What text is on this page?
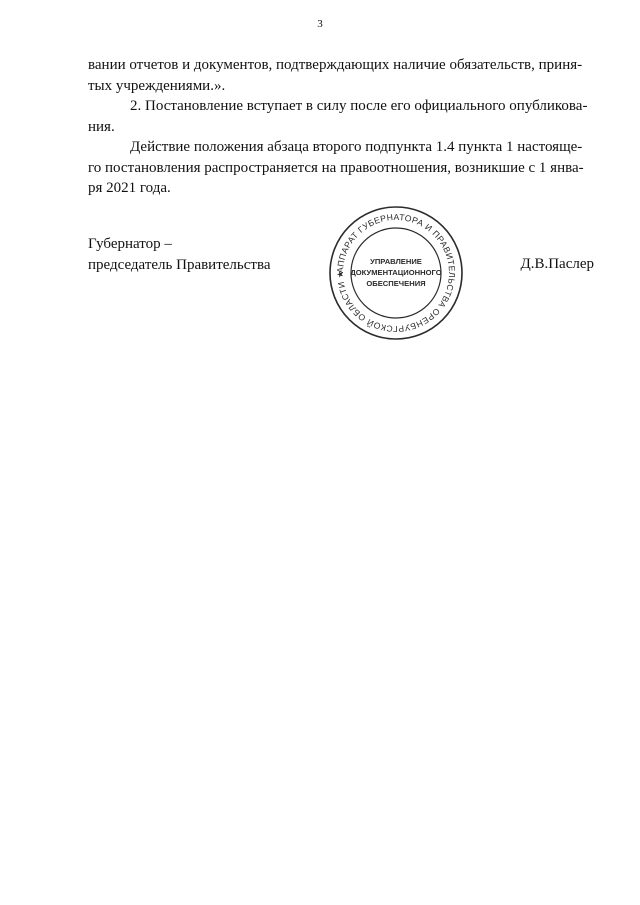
3

вании отчетов и документов, подтверждающих наличие обязательств, приня-
тых учреждениями.».

2. Постановление вступает в силу после его официального опубликова-
ния.

Действие положения абзаца второго подпункта 1.4 пункта 1 настояще-
го постановления распространяется на правоотношения, возникшие с 1 янва-
ря 2021 года.

Губернатор –
председатель Правительства	АППАРАТ ГУБЕРНАТОРА И ПРАВИТЕЛЬСТВА ОРЕНБУРГСКОЙ ОБЛАСТИ ★
УПРАВЛЕНИЕ
ДОКУМЕНТАЦИОННОГО
ОБЕСПЕЧЕНИЯ
Д.В.Паслер
